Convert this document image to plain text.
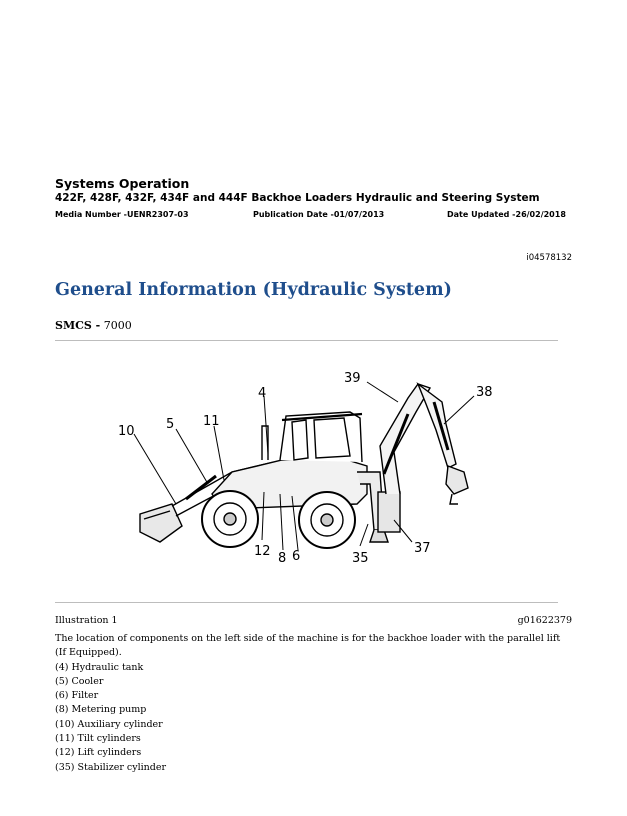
Systems Operation
422F, 428F, 432F, 434F and 444F Backhoe Loaders Hydraulic and Steering System
Media Number -UENR2307-03	Publication Date -01/07/2013	Date Updated -26/02/2018
i04578132
General Information (Hydraulic System)
SMCS - 7000
4
5
10
11
12 8 6	35
37
38
39
Illustration 1	g01622379

The location of components on the left side of the machine is for the backhoe loader with the parallel lift (If Equipped).

(4) Hydraulic tank

(5) Cooler

(6) Filter

(8) Metering pump

(10) Auxiliary cylinder

(11) Tilt cylinders

(12) Lift cylinders

(35) Stabilizer cylinder
